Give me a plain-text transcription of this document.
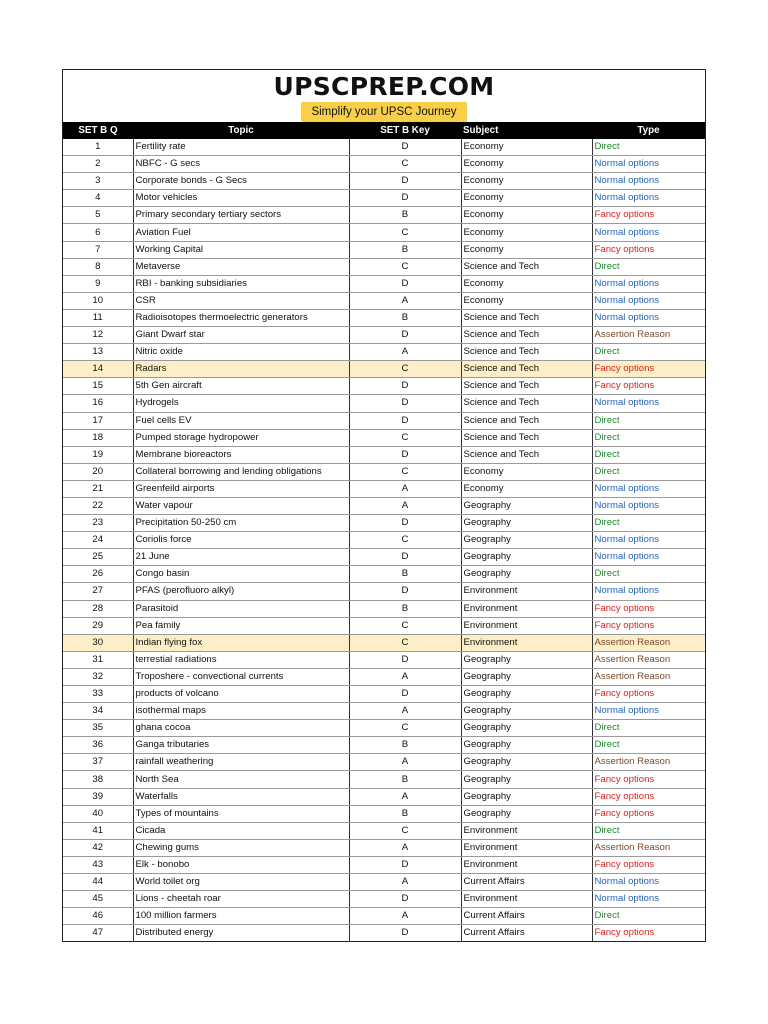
UPSCPREP.COM
Simplify your UPSC Journey
SET B Q	Topic	SET B Key	Subject	Type
1	Fertility rate	D	Economy	Direct
2	NBFC - G secs	C	Economy	Normal options
3	Corporate bonds - G Secs	D	Economy	Normal options
4	Motor vehicles	D	Economy	Normal options
5	Primary secondary tertiary sectors	B	Economy	Fancy options
6	Aviation Fuel	C	Economy	Normal options
7	Working Capital	B	Economy	Fancy options
8	Metaverse	C	Science and Tech	Direct
9	RBI - banking subsidiaries	D	Economy	Normal options
10	CSR	A	Economy	Normal options
11	Radioisotopes thermoelectric generators	B	Science and Tech	Normal options
12	Giant Dwarf star	D	Science and Tech	Assertion Reason
13	Nitric oxide	A	Science and Tech	Direct
14	Radars	C	Science and Tech	Fancy options
15	5th Gen aircraft	D	Science and Tech	Fancy options
16	Hydrogels	D	Science and Tech	Normal options
17	Fuel cells EV	D	Science and Tech	Direct
18	Pumped storage hydropower	C	Science and Tech	Direct
19	Membrane bioreactors	D	Science and Tech	Direct
20	Collateral borrowing and lending obligations	C	Economy	Direct
21	Greenfeild airports	A	Economy	Normal options
22	Water vapour	A	Geography	Normal options
23	Precipitation 50-250 cm	D	Geography	Direct
24	Coriolis force	C	Geography	Normal options
25	21 June	D	Geography	Normal options
26	Congo basin	B	Geography	Direct
27	PFAS (perofluoro alkyl)	D	Environment	Normal options
28	Parasitoid	B	Environment	Fancy options
29	Pea family	C	Environment	Fancy options
30	Indian flying fox	C	Environment	Assertion Reason
31	terrestial radiations	D	Geography	Assertion Reason
32	Troposhere - convectional currents	A	Geography	Assertion Reason
33	products of volcano	D	Geography	Fancy options
34	isothermal maps	A	Geography	Normal options
35	ghana cocoa	C	Geography	Direct
36	Ganga tributaries	B	Geography	Direct
37	rainfall weathering	A	Geography	Assertion Reason
38	North Sea	B	Geography	Fancy options
39	Waterfalls	A	Geography	Fancy options
40	Types of mountains	B	Geography	Fancy options
41	Cicada	C	Environment	Direct
42	Chewing gums	A	Environment	Assertion Reason
43	Elk - bonobo	D	Environment	Fancy options
44	World toilet org	A	Current Affairs	Normal options
45	Lions - cheetah roar	D	Environment	Normal options
46	100 million farmers	A	Current Affairs	Direct
47	Distributed energy	D	Current Affairs	Fancy options
